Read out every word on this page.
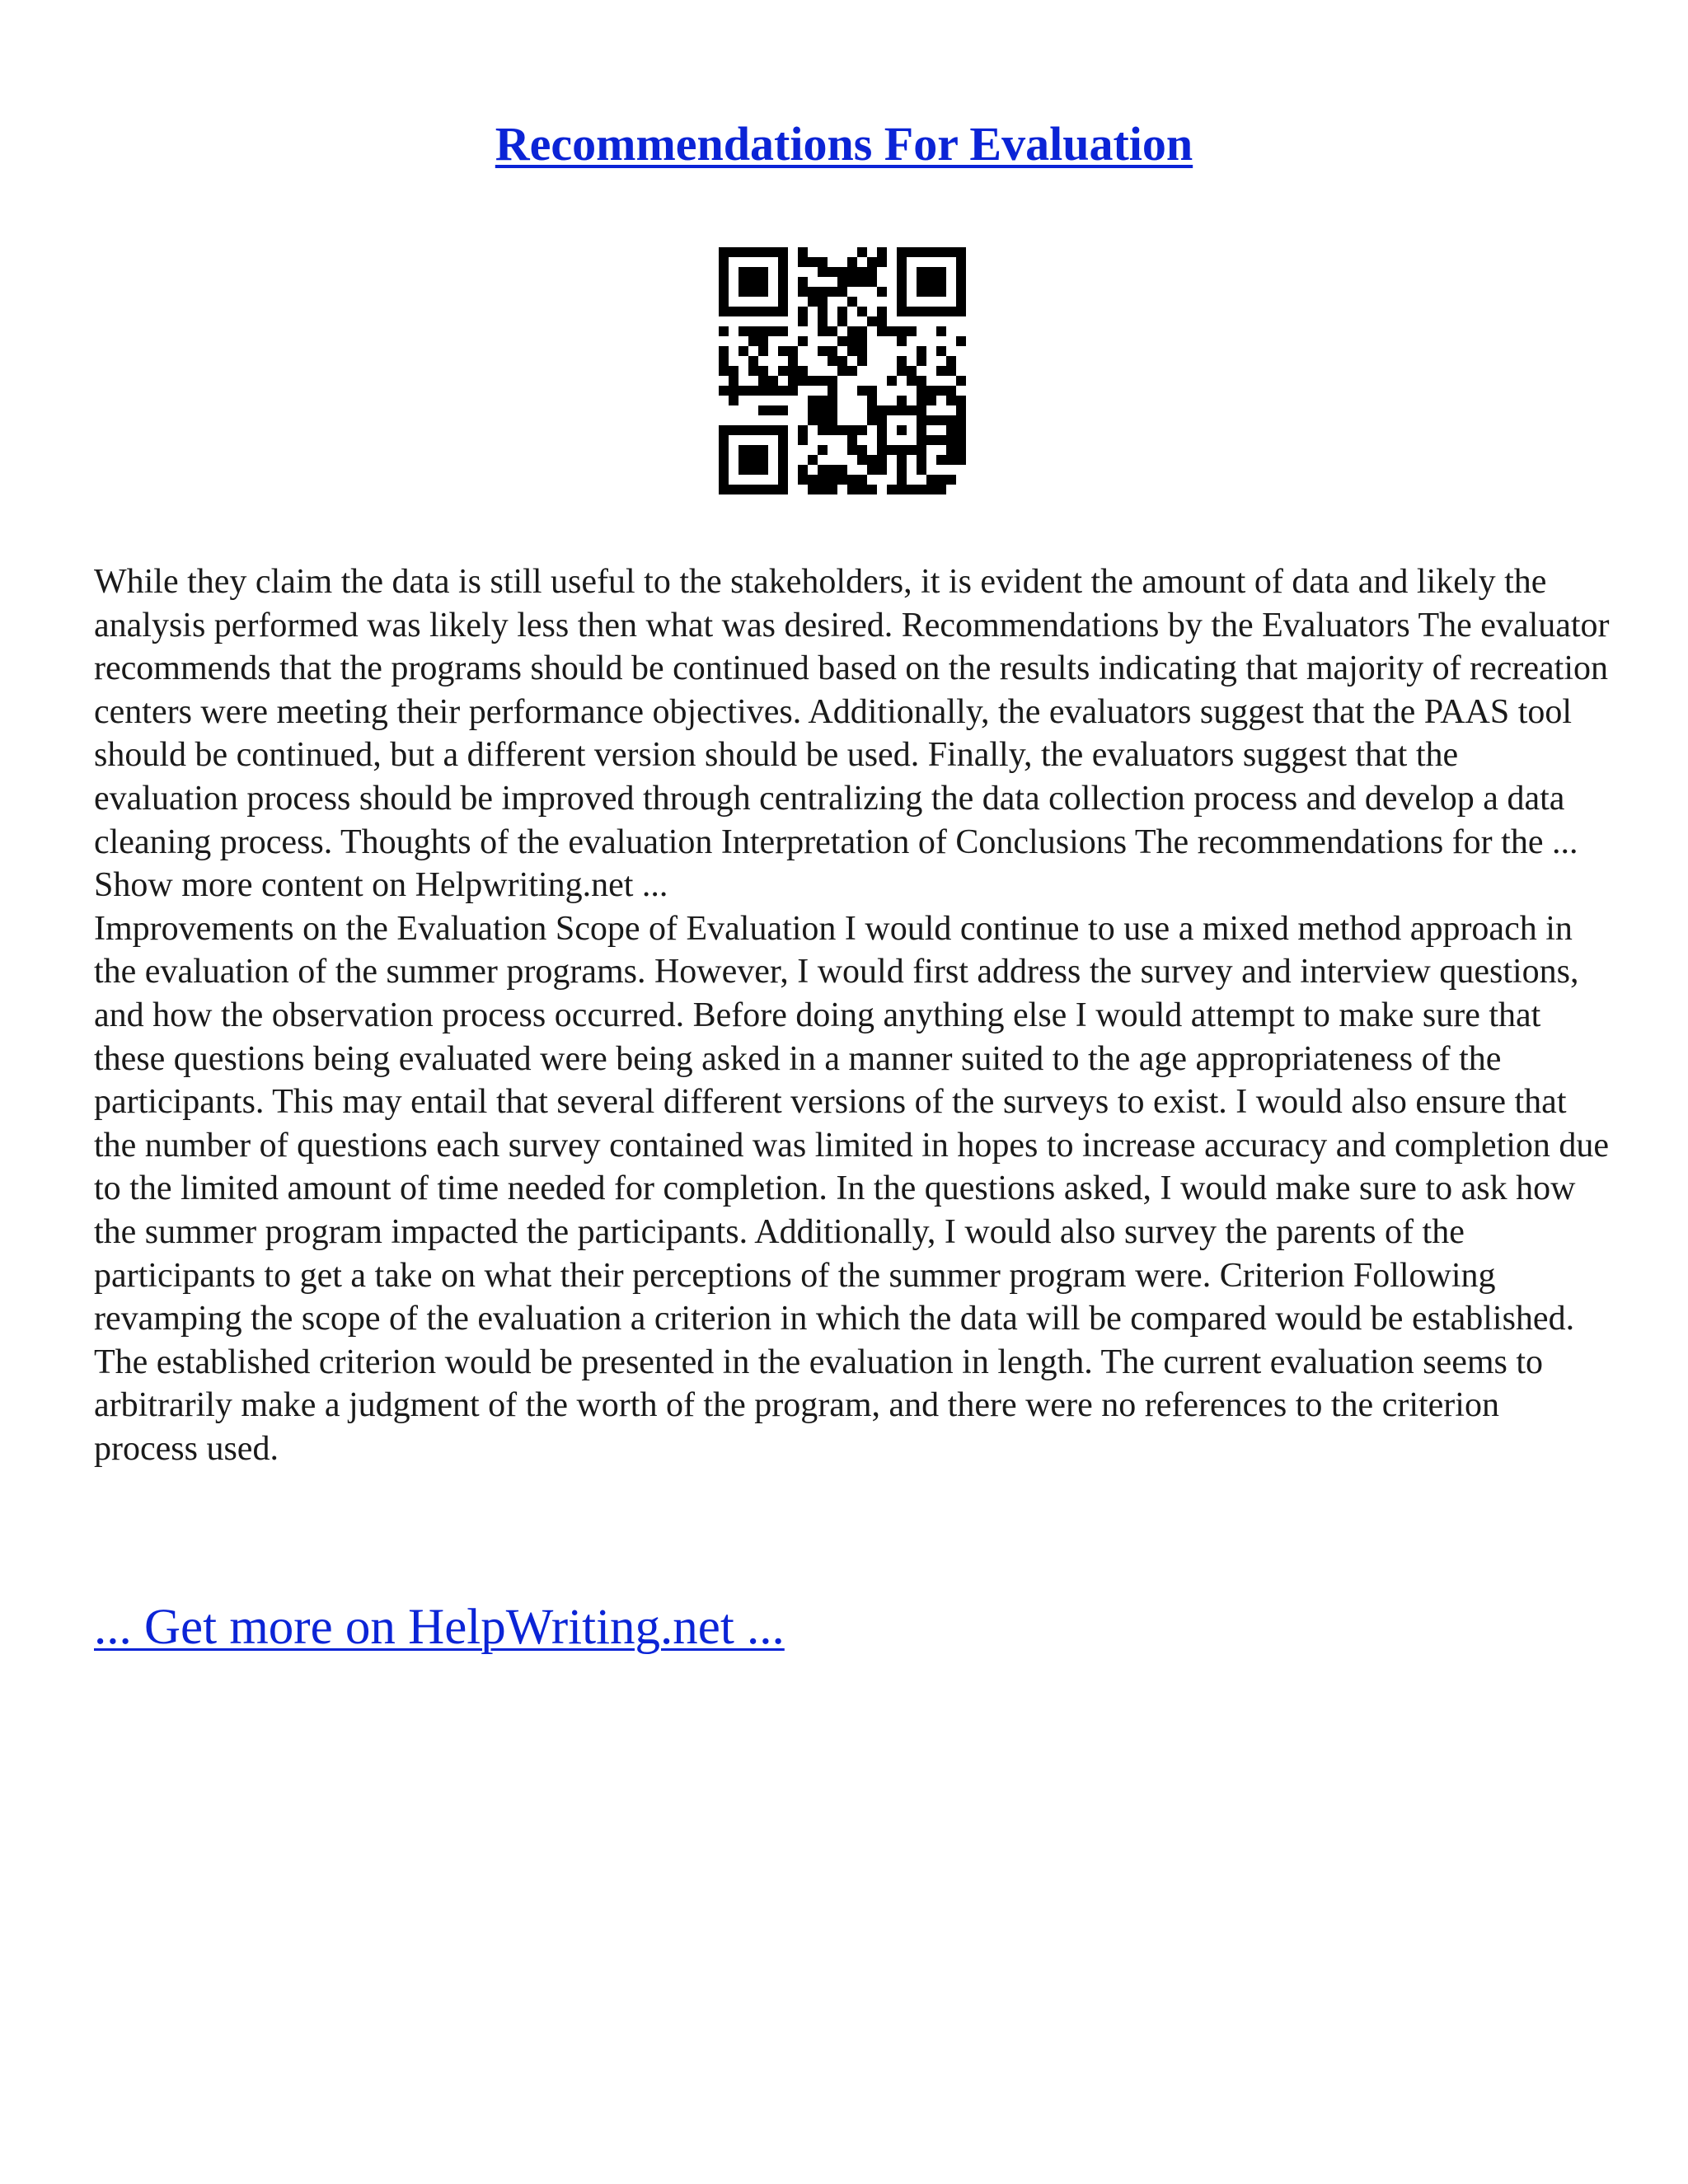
Recommendations For Evaluation

While they claim the data is still useful to the stakeholders, it is evident the amount of data and likely the analysis performed was likely less then what was desired. Recommendations by the Evaluators The evaluator recommends that the programs should be continued based on the results indicating that majority of recreation centers were meeting their performance objectives. Additionally, the evaluators suggest that the PAAS tool should be continued, but a different version should be used. Finally, the evaluators suggest that the evaluation process should be improved through centralizing the data collection process and develop a data cleaning process. Thoughts of the evaluation Interpretation of Conclusions The recommendations for the ... Show more content on Helpwriting.net ...

Improvements on the Evaluation Scope of Evaluation I would continue to use a mixed method approach in the evaluation of the summer programs. However, I would first address the survey and interview questions, and how the observation process occurred. Before doing anything else I would attempt to make sure that these questions being evaluated were being asked in a manner suited to the age appropriateness of the participants. This may entail that several different versions of the surveys to exist. I would also ensure that the number of questions each survey contained was limited in hopes to increase accuracy and completion due to the limited amount of time needed for completion. In the questions asked, I would make sure to ask how the summer program impacted the participants. Additionally, I would also survey the parents of the participants to get a take on what their perceptions of the summer program were. Criterion Following revamping the scope of the evaluation a criterion in which the data will be compared would be established. The established criterion would be presented in the evaluation in length. The current evaluation seems to arbitrarily make a judgment of the worth of the program, and there were no references to the criterion process used.

... Get more on HelpWriting.net ...
